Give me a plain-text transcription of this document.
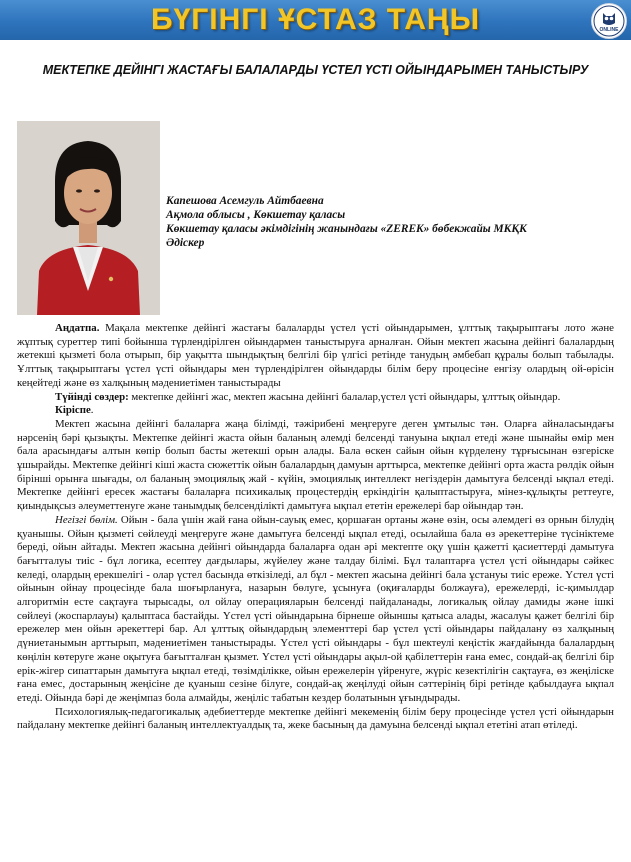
БҮГІНГІ ҰСТАЗ ТАҢЫ	ONLINE
МЕКТЕПКЕ ДЕЙІНГІ ЖАСТАҒЫ БАЛАЛАРДЫ ҮСТЕЛ ҮСТІ ОЙЫНДАРЫМЕН ТАНЫСТЫРУ
Капешова Асемгуль Айтбаевна
Ақмола облысы , Көкшетау қаласы
Көкшетау қаласы әкімдігінің жанындағы «ZEREK» бөбекжайы МКҚК
Әдіскер

Аңдатпа. Мақала мектепке дейінгі жастағы балаларды үстел үсті ойындарымен, ұлттық тақырыптағы лото және жұптық суреттер типі бойынша түрлендірілген ойындармен таныстыруға арналған. Ойын мектеп жасына дейінгі балалардың жетекші қызметі бола отырып, бір уақытта шындықтың белгілі бір үлгісі ретінде танудың әмбебап құралы болып табылады. Ұлттық тақырыптағы үстел үсті ойындары мен түрлендірілген ойындарды білім беру процесіне енгізу олардың ой-өрісін кеңейтеді және өз халқының мәдениетімен таныстырады

Түйінді сөздер: мектепке дейінгі жас, мектеп жасына дейінгі балалар,үстел үсті ойындары, ұлттық ойындар.

Кіріспе.

Мектеп жасына дейінгі балаларға жаңа білімді, тәжірибені меңгеруге деген ұмтылыс тән. Оларға айналасындағы нәрсенің бәрі қызықты. Мектепке дейінгі жаста ойын баланың әлемді белсенді тануына ықпал етеді және шынайы өмір мен бала арасындағы алтын көпір болып басты жетекші орын алады. Бала өскен сайын ойын күрделену тұрғысынан өзгеріске ұшырайды. Мектепке дейінгі кіші жаста сюжеттік ойын балалардың дамуын арттырса, мектепке дейінгі орта жаста рөлдік ойын бірінші орынға шығады, ол баланың эмоциялық жай - күйін, эмоциялық интеллект негіздерін дамытуға белсенді ықпал етеді. Мектепке дейінгі ересек жастағы балаларға психикалық процестердің еркіндігін қалыптастыруға, мінез-құлықты реттеуге, қиындықсыз әлеуметтенуге және танымдық белсенділікті дамытуға ықпал ететін ережелері бар ойындар тән.

Негізгі бөлім. Ойын - бала үшін жай ғана ойын-сауық емес, қоршаған ортаны және өзін, осы әлемдегі өз орнын білудің қуанышы. Ойын қызметі сөйлеуді меңгеруге және дамытуға белсенді ықпал етеді, осылайша бала өз әрекеттеріне түсініктеме береді, ойын айтады. Мектеп жасына дейінгі ойындарда балаларға одан әрі мектепте оқу үшін қажетті қасиеттерді дамытуға бағытталуы тиіс - бұл логика, есептеу дағдылары, жүйелеу және талдау білімі. Бұл талаптарға үстел үсті ойындары сәйкес келеді, олардың ерекшелігі - олар үстел басында өткізіледі, ал бұл - мектеп жасына дейінгі бала ұстануы тиіс ереже. Үстел үсті ойынын ойнау процесінде бала шоғырлануға, назарын бөлуге, ұсынуға (оқиғаларды болжауға), ережелерді, іс-қимылдар алгоритмін есте сақтауға тырысады, ол ойлау операцияларын белсенді пайдаланады, логикалық ойлау дамиды және ішкі сөйлеуі (жоспарлауы) қалыптаса бастайды. Үстел үсті ойындарына бірнеше ойыншы қатыса алады, жасалуы қажет белгілі бір ережелер мен ойын әрекеттері бар. Ал ұлттық ойындардың элементтері бар үстел үсті ойындары пайдалану өз халқының дүниетанымын арттырып, мәдениетімен таныстырады. Үстел үсті ойындары - бұл шектеулі кеңістік жағдайында балалардың көңілін көтеруге және оқытуға бағытталған қызмет. Үстел үсті ойындары ақыл-ой қабілеттерін ғана емес, сондай-ақ белгілі бір ерік-жігер сипаттарын дамытуға ықпал етеді, төзімділікке, ойын ережелерін үйренуге, жүріс кезектілігін сақтауға, өз жеңіліске ғана емес, достарының жеңісіне де қуаныш сезіне білуге, сондай-ақ жеңілуді ойын сәттерінің бірі ретінде қабылдауға ықпал етеді. Ойында бәрі де жеңімпаз бола алмайды, жеңіліс табатын кездер болатынын ұғындырады.

Психологиялық-педагогикалық әдебиеттерде мектепке дейінгі мекеменің білім беру процесінде үстел үсті ойындарын пайдалану мектепке дейінгі баланың интеллектуалдық та, жеке басының да дамуына белсенді ықпал ететіні атап өтіледі.
